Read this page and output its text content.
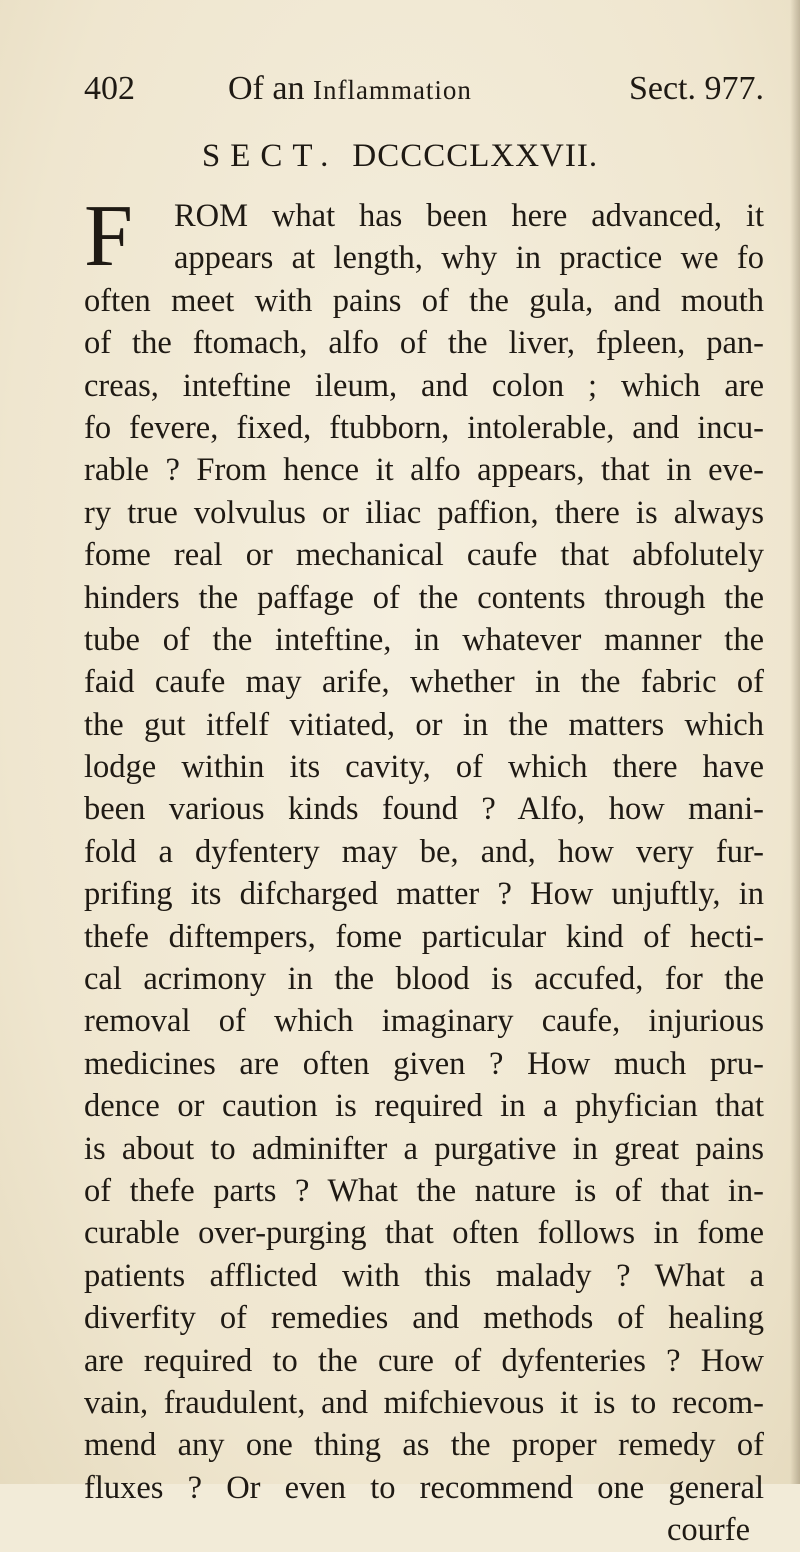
402	Of an Inflammation	Sect. 977.
SECT. DCCCCLXXVII.
F	ROM what has been here advanced, it
appears at length, why in practice we fo
often meet with pains of the gula, and mouth
of the ftomach, alfo of the liver, fpleen, pan-
creas, inteftine ileum, and colon ; which are
fo fevere, fixed, ftubborn, intolerable, and incu-
rable ? From hence it alfo appears, that in eve-
ry true volvulus or iliac paffion, there is always
fome real or mechanical caufe that abfolutely
hinders the paffage of the contents through the
tube of the inteftine, in whatever manner the
faid caufe may arife, whether in the fabric of
the gut itfelf vitiated, or in the matters which
lodge within its cavity, of which there have
been various kinds found ? Alfo, how mani-
fold a dyfentery may be, and, how very fur-
prifing its difcharged matter ? How unjuftly, in
thefe diftempers, fome particular kind of hecti-
cal acrimony in the blood is accufed, for the
removal of which imaginary caufe, injurious
medicines are often given ? How much pru-
dence or caution is required in a phyfician that
is about to adminifter a purgative in great pains
of thefe parts ? What the nature is of that in-
curable over-purging that often follows in fome
patients afflicted with this malady ? What a
diverfity of remedies and methods of healing
are required to the cure of dyfenteries ? How
vain, fraudulent, and mifchievous it is to recom-
mend any one thing as the proper remedy of
fluxes ? Or even to recommend one general
courfe
